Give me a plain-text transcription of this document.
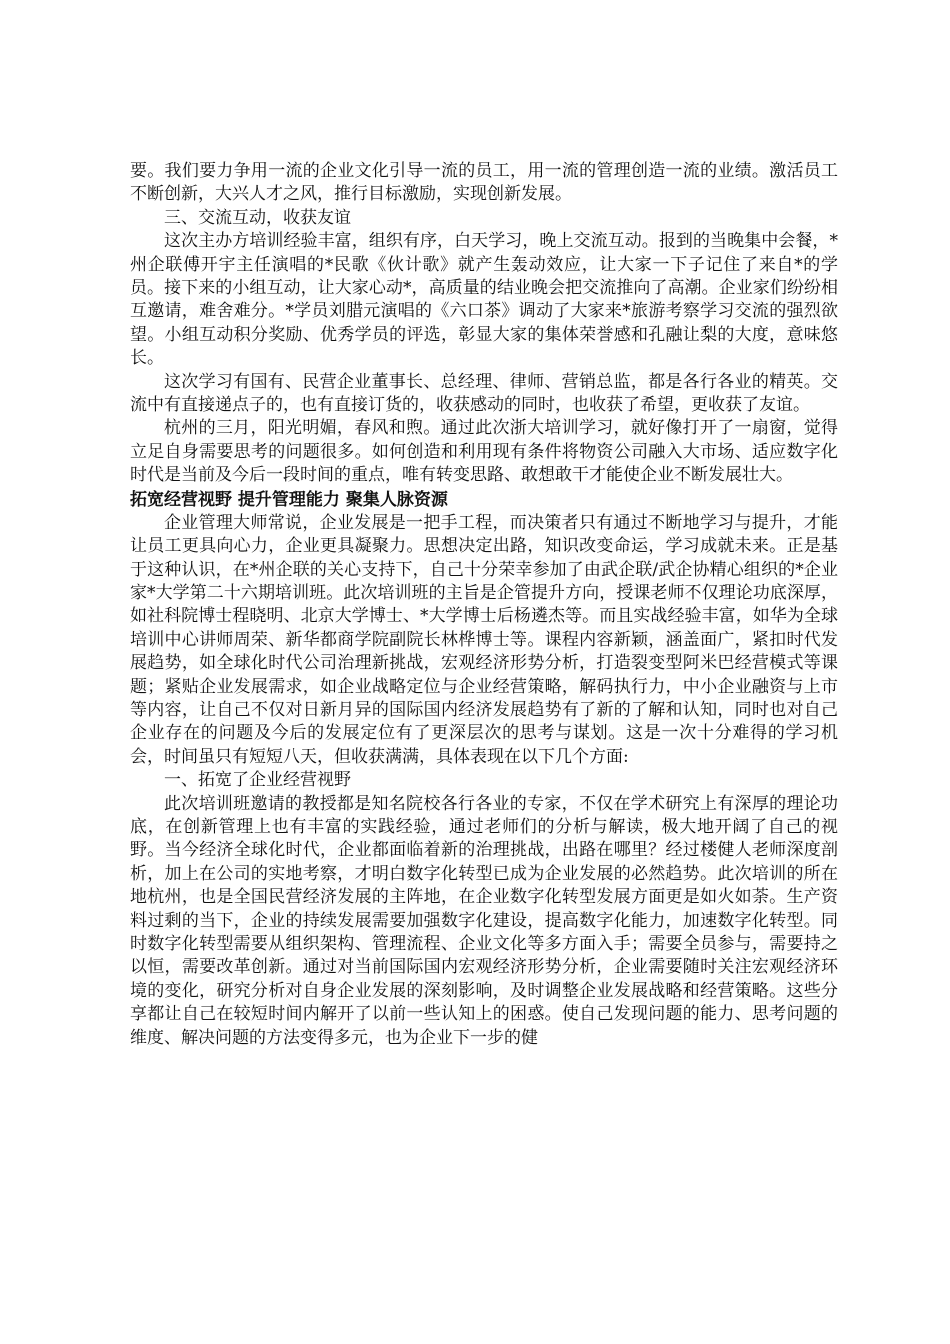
要。我们要力争用一流的企业文化引导一流的员工，用一流的管理创造一流的业绩。激活员工不断创新，大兴人才之风，推行目标激励，实现创新发展。

三、交流互动，收获友谊

这次主办方培训经验丰富，组织有序，白天学习，晚上交流互动。报到的当晚集中会餐，*州企联傅开宇主任演唱的*民歌《伙计歌》就产生轰动效应，让大家一下子记住了来自*的学员。接下来的小组互动，让大家心动*，高质量的结业晚会把交流推向了高潮。企业家们纷纷相互邀请，难舍难分。*学员刘腊元演唱的《六口茶》调动了大家来*旅游考察学习交流的强烈欲望。小组互动积分奖励、优秀学员的评选，彰显大家的集体荣誉感和孔融让梨的大度，意味悠长。

这次学习有国有、民营企业董事长、总经理、律师、营销总监，都是各行各业的精英。交流中有直接递点子的，也有直接订货的，收获感动的同时，也收获了希望，更收获了友谊。

杭州的三月，阳光明媚，春风和煦。通过此次浙大培训学习，就好像打开了一扇窗，觉得立足自身需要思考的问题很多。如何创造和利用现有条件将物资公司融入大市场、适应数字化时代是当前及今后一段时间的重点，唯有转变思路、敢想敢干才能使企业不断发展壮大。

拓宽经营视野 提升管理能力 聚集人脉资源

企业管理大师常说，企业发展是一把手工程，而决策者只有通过不断地学习与提升，才能让员工更具向心力，企业更具凝聚力。思想决定出路，知识改变命运，学习成就未来。正是基于这种认识，在*州企联的关心支持下，自己十分荣幸参加了由武企联/武企协精心组织的*企业家*大学第二十六期培训班。此次培训班的主旨是企管提升方向，授课老师不仅理论功底深厚，如社科院博士程晓明、北京大学博士、*大学博士后杨遴杰等。而且实战经验丰富，如华为全球培训中心讲师周荣、新华都商学院副院长林桦博士等。课程内容新颖，涵盖面广，紧扣时代发展趋势，如全球化时代公司治理新挑战，宏观经济形势分析，打造裂变型阿米巴经营模式等课题；紧贴企业发展需求，如企业战略定位与企业经营策略，解码执行力，中小企业融资与上市等内容，让自己不仅对日新月异的国际国内经济发展趋势有了新的了解和认知，同时也对自己企业存在的问题及今后的发展定位有了更深层次的思考与谋划。这是一次十分难得的学习机会，时间虽只有短短八天，但收获满满，具体表现在以下几个方面:

一、拓宽了企业经营视野

此次培训班邀请的教授都是知名院校各行各业的专家，不仅在学术研究上有深厚的理论功底，在创新管理上也有丰富的实践经验，通过老师们的分析与解读，极大地开阔了自己的视野。当今经济全球化时代，企业都面临着新的治理挑战，出路在哪里？经过楼健人老师深度剖析，加上在公司的实地考察，才明白数字化转型已成为企业发展的必然趋势。此次培训的所在地杭州，也是全国民营经济发展的主阵地，在企业数字化转型发展方面更是如火如荼。生产资料过剩的当下，企业的持续发展需要加强数字化建设，提高数字化能力，加速数字化转型。同时数字化转型需要从组织架构、管理流程、企业文化等多方面入手；需要全员参与，需要持之以恒，需要改革创新。通过对当前国际国内宏观经济形势分析，企业需要随时关注宏观经济环境的变化，研究分析对自身企业发展的深刻影响，及时调整企业发展战略和经营策略。这些分享都让自己在较短时间内解开了以前一些认知上的困惑。使自己发现问题的能力、思考问题的维度、解决问题的方法变得多元，也为企业下一步的健
